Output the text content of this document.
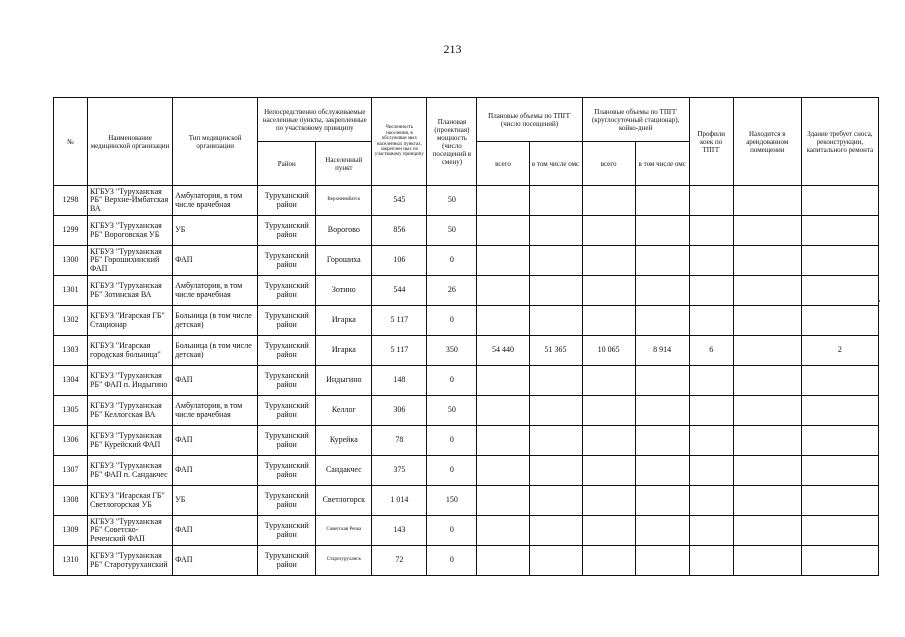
213
№	Наименование медицинской организации	Тип медицинской организации	Непосредственно обслуживаемые населенные пункты, закрепленные по участковому принципу		Численность населения, в обслуживае мых населенных пунктах, закреплен ных по участковому принципу	Плановая (проектная) мощность (число посещений в смену)	Плановые объемы по ТПГГ (число посещений)		Плановые объемы по ТПГГ (круглосуточный стационар), койко-дней		Профили коек по ТПГГ	Находится в арендованном помещении	Здание требует сноса, реконструкции, капитального ремонта
			Район	Населенный пункт			всего	в том числе омс	всего	в том числе омс			
1298	КГБУЗ "Туруханская РБ" Верхне-Имбатская ВА	Амбулатория, в том числе врачебная	Туруханский район	Верхнеимбатск	545	50							
1299	КГБУЗ "Туруханская РБ" Вороговская УБ	УБ	Туруханский район	Ворогово	856	50							
1300	КГБУЗ "Туруханская РБ" Горошихинский ФАП	ФАП	Туруханский район	Горошиха	106	0							
1301	КГБУЗ "Туруханская РБ" Зотинская ВА	Амбулатория, в том числе врачебная	Туруханский район	Зотино	544	26							
1302	КГБУЗ "Игарская ГБ" Стационар	Больница (в том числе детская)	Туруханский район	Игарка	5 117	0							
1303	КГБУЗ "Игарская городская больница"	Больница (в том числе детская)	Туруханский район	Игарка	5 117	350	54 440	51 365	10 065	8 914	6		2
1304	КГБУЗ "Туруханская РБ" ФАП п. Индыгино	ФАП	Туруханский район	Индыгино	148	0							
1305	КГБУЗ "Туруханская РБ" Келлогская ВА	Амбулатория, в том числе врачебная	Туруханский район	Келлог	306	50							
1306	КГБУЗ "Туруханская РБ" Курейский ФАП	ФАП	Туруханский район	Курейка	78	0							
1307	КГБУЗ "Туруханская РБ" ФАП п. Сандакчес	ФАП	Туруханский район	Сандакчес	375	0							
1308	КГБУЗ "Игарская ГБ" Светлогорская УБ	УБ	Туруханский район	Светлогорск	1 014	150							
1309	КГБУЗ "Туруханская РБ" Советско-Реченский ФАП	ФАП	Туруханский район	Советская Речка	143	0							
1310	КГБУЗ "Туруханская РБ" Старотуруханский	ФАП	Туруханский район	Старотуруханск	72	0							
